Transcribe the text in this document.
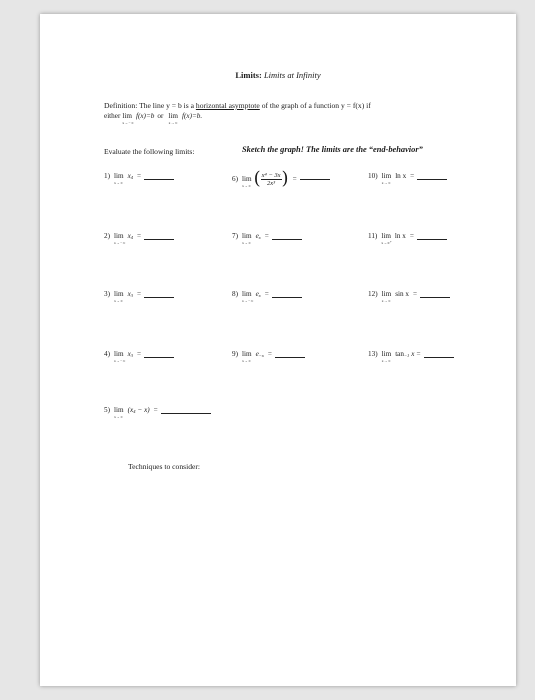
Limits: Limits at Infinity
Definition: The line y = b is a horizontal asymptote of the graph of a function y = f(x) if
either lim
x→−∞
f(x)=b or lim
x→∞
f(x)=b.
Evaluate the following limits:	Sketch the graph! The limits are the “end-behavior”
1) lim
x→∞
x 4 =
2) lim
x→−∞
x 4 =
3) lim
x→∞
x 3 =
4) lim
x→−∞
x 3 =
5) lim
x→∞
(x 4 − x) =
6) lim
x→∞ ( $\frac{\text{x⁴ − 3x}}{\text{2x³}}$ ) =
7) lim
x→∞
e x =
8) lim
x→−∞
e x =
9) lim
x→∞
e −x =
10) lim
x→∞
ln x =
11) lim
x→0⁺
ln x =
12) lim
x→∞
sin x =
13) lim
x→∞
tan −1 x =
Techniques to consider:
